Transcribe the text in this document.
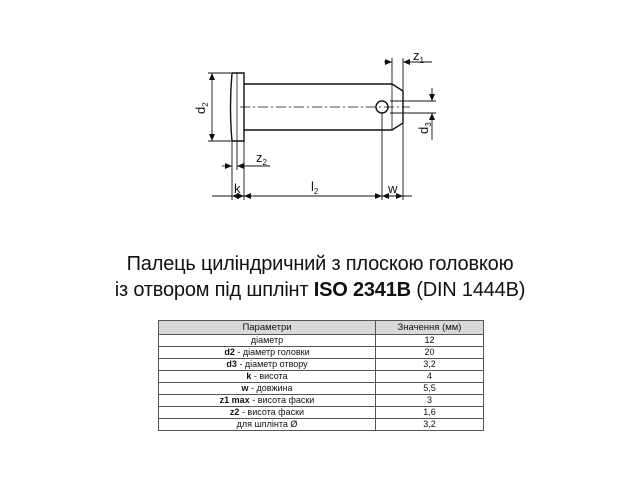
$z_1$
$d_2$
$d_3$
$z_2$
k	$l_2$	w
Палець циліндричний з плоскою головкою
із отвором під шплінт ISO 2341B (DIN 1444B)
Параметри	Значення (мм)
діаметр	12
d2 - діаметр головки	20
d3 - діаметр отвору	3,2
k - висота	4
w - довжина	5,5
z1 max - висота фаски	3
z2 - висота фаски	1,6
для шплінта Ø	3,2
